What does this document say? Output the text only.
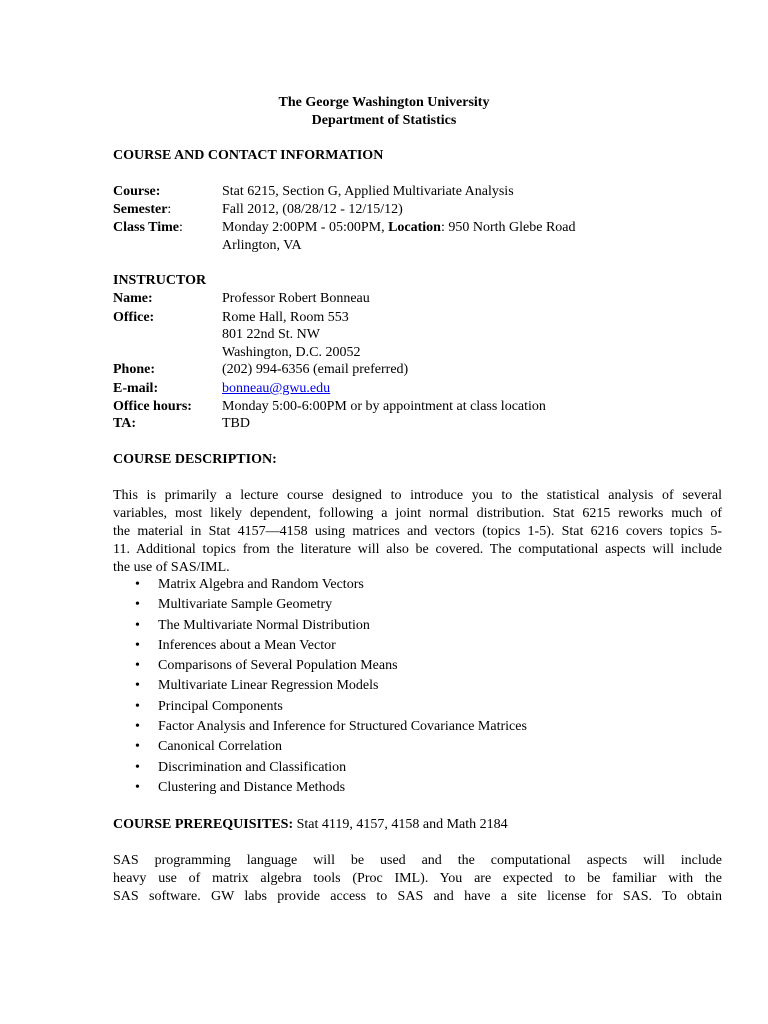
The George Washington University
Department of Statistics
COURSE AND CONTACT INFORMATION
Course:	Stat 6215, Section G, Applied Multivariate Analysis
Semester:	Fall 2012, (08/28/12 - 12/15/12)
Class Time:	Monday 2:00PM - 05:00PM, Location: 950 North Glebe Road
Arlington, VA
INSTRUCTOR
Name:	Professor Robert Bonneau
Office:	Rome Hall, Room 553
801 22nd St. NW
Washington, D.C. 20052
Phone:	(202) 994-6356 (email preferred)
E-mail:	bonneau@gwu.edu
Office hours: Monday 5:00-6:00PM or by appointment at class location
TA:	TBD
COURSE DESCRIPTION:
This is primarily a lecture course designed to introduce you to the statistical analysis of several
variables, most likely dependent, following a joint normal distribution. Stat 6215 reworks much of
the material in Stat 4157—4158 using matrices and vectors (topics 1-5). Stat 6216 covers topics 5-
11. Additional topics from the literature will also be covered. The computational aspects will include
the use of SAS/IML.
• Matrix Algebra and Random Vectors
• Multivariate Sample Geometry
• The Multivariate Normal Distribution
• Inferences about a Mean Vector
• Comparisons of Several Population Means
• Multivariate Linear Regression Models
• Principal Components
• Factor Analysis and Inference for Structured Covariance Matrices
• Canonical Correlation
• Discrimination and Classification
• Clustering and Distance Methods
COURSE PREREQUISITES: Stat 4119, 4157, 4158 and Math 2184
SAS programming language will be used and the computational aspects will include
heavy use of matrix algebra tools (Proc IML). You are expected to be familiar with the
SAS software. GW labs provide access to SAS and have a site license for SAS. To obtain
